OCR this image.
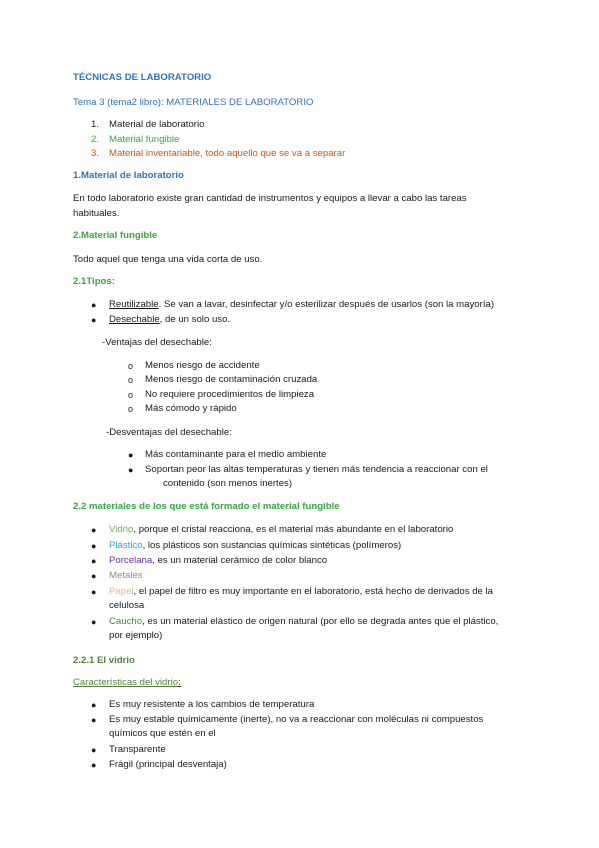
TÉCNICAS DE LABORATORIO
Tema 3 (tema2 libro): MATERIALES DE LABORATORIO
1. Material de laboratorio
2. Material fungible
3. Material inventariable, todo aquello que se va a separar
1.Material de laboratorio
En todo laboratorio existe gran cantidad de instrumentos y equipos a llevar a cabo las tareas
habituales.
2.Material fungible
Todo aquel que tenga una vida corta de uso.
2.1Tipos:
● Reutilizable. Se van a lavar, desinfectar y/o esterilizar después de usarlos (son la mayoría)
● Desechable, de un solo uso.
-Ventajas del desechable:
o Menos riesgo de accidente
o Menos riesgo de contaminación cruzada
o No requiere procedimientos de limpieza
o Más cómodo y rápido
-Desventajas del desechable:
● Más contaminante para el medio ambiente
● Soportan peor las altas temperaturas y tienen más tendencia a reaccionar con el
contenido (son menos inertes)
2.2 materiales de los que está formado el material fungible
● Vidrio, porque el cristal reacciona, es el material más abundante en el laboratorio
● Plástico, los plásticos son sustancias químicas sintéticas (polímeros)
● Porcelana, es un material cerámico de color blanco
● Metales
● Papel, el papel de filtro es muy importante en el laboratorio, está hecho de derivados de la
celulosa
● Caucho, es un material elástico de origen natural (por ello se degrada antes que el plástico,
por ejemplo)
2.2.1 El vidrio
Características del vidrio:
● Es muy resistente a los cambios de temperatura
● Es muy estable químicamente (inerte), no va a reaccionar con moléculas ni compuestos
químicos que estén en el
● Transparente
● Frágil (principal desventaja)
